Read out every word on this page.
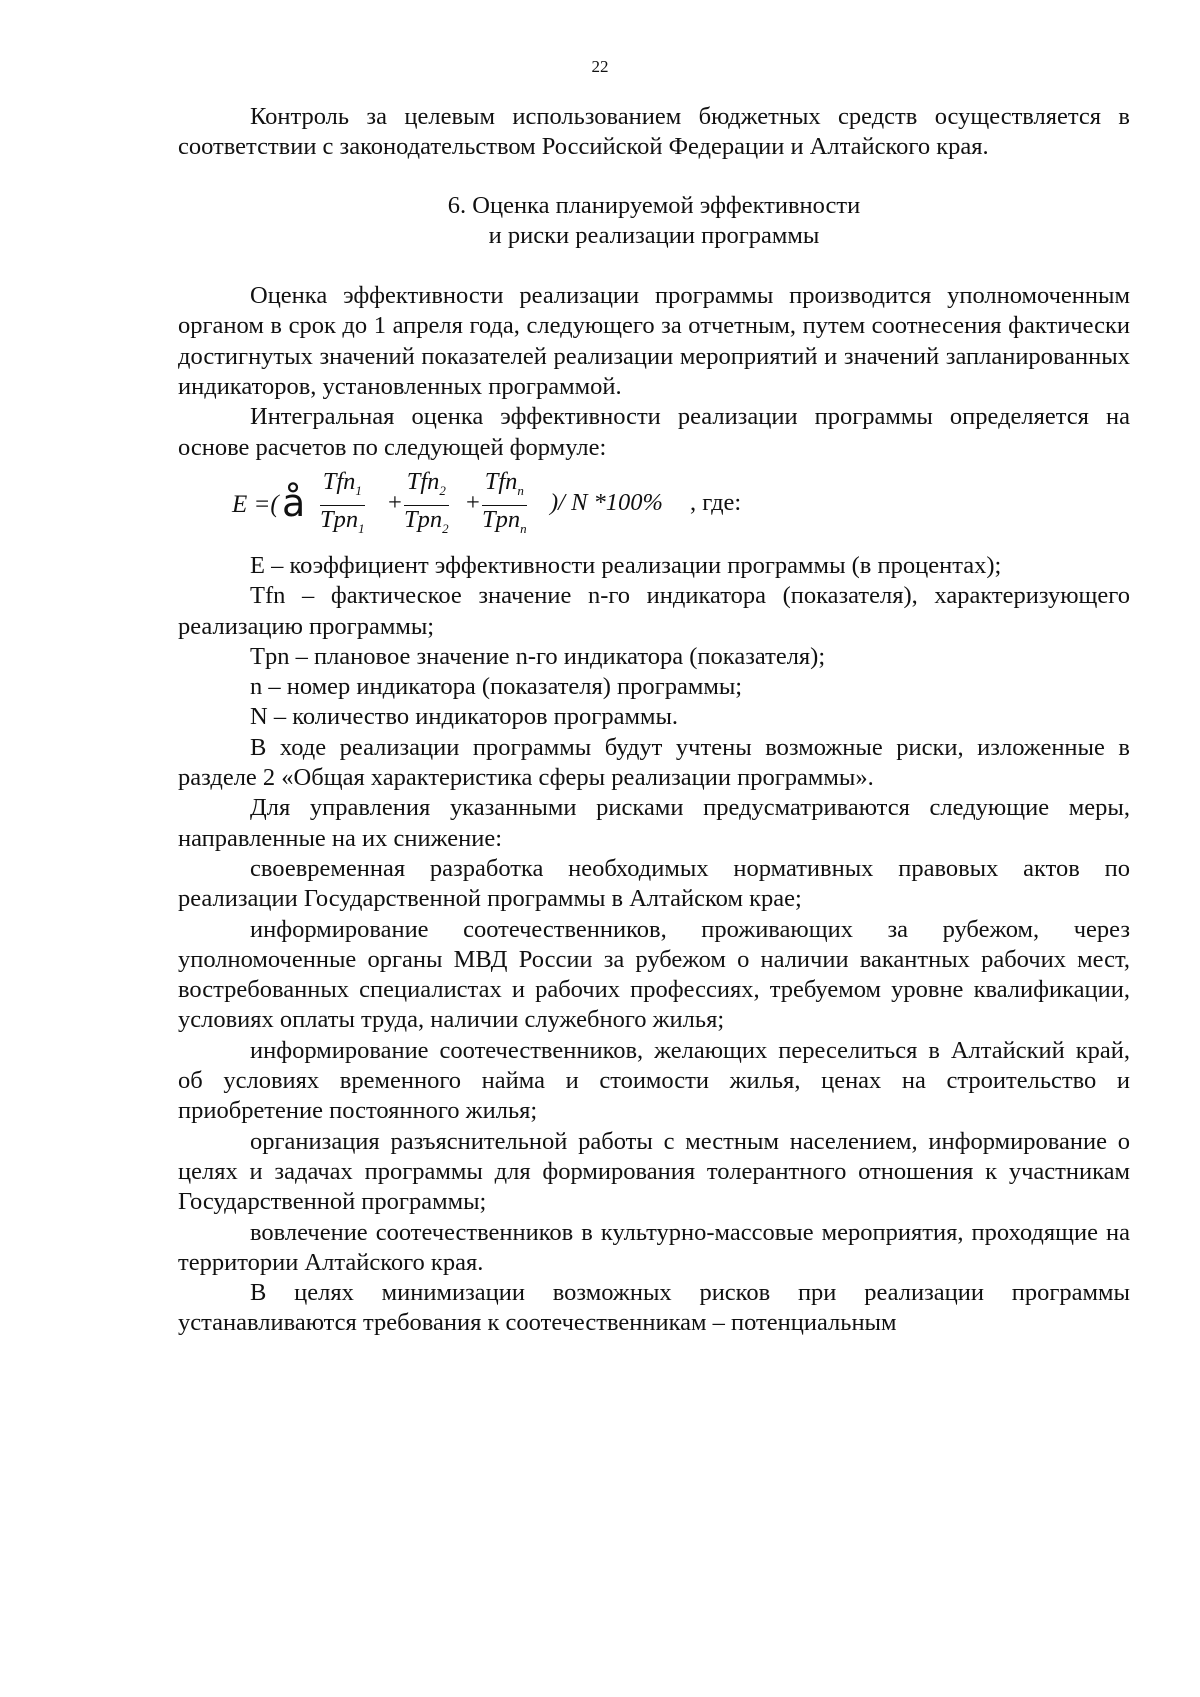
22

Контроль за целевым использованием бюджетных средств осуществляется в соответствии с законодательством Российской Федерации и Алтайского края.

6. Оценка планируемой эффективности

и риски реализации программы

Оценка эффективности реализации программы производится уполномоченным органом в срок до 1 апреля года, следующего за отчетным, путем соотнесения фактически достигнутых значений показателей реализации мероприятий и значений запланированных индикаторов, установленных программой.

Интегральная оценка эффективности реализации программы определяется на основе расчетов по следующей формуле:

E =( å Tfn$_1$
Tpn$_1$
+
Tfn$_2$
Tpn$_2$
+
Tfn$_n$
Tpn$_n$
)/ N *100% , где:

Е – коэффициент эффективности реализации программы (в процентах);

Tfn – фактическое значение n-го индикатора (показателя), характеризующего реализацию программы;

Tpn – плановое значение n-го индикатора (показателя);

n – номер индикатора (показателя) программы;

N – количество индикаторов программы.

В ходе реализации программы будут учтены возможные риски, изложенные в разделе 2 «Общая характеристика сферы реализации программы».

Для управления указанными рисками предусматриваются следующие меры, направленные на их снижение:

своевременная разработка необходимых нормативных правовых актов по реализации Государственной программы в Алтайском крае;

информирование соотечественников, проживающих за рубежом, через уполномоченные органы МВД России за рубежом о наличии вакантных рабочих мест, востребованных специалистах и рабочих профессиях, требуемом уровне квалификации, условиях оплаты труда, наличии служебного жилья;

информирование соотечественников, желающих переселиться в Алтайский край, об условиях временного найма и стоимости жилья, ценах на строительство и приобретение постоянного жилья;

организация разъяснительной работы с местным населением, информирование о целях и задачах программы для формирования толерантного отношения к участникам Государственной программы;

вовлечение соотечественников в культурно-массовые мероприятия, проходящие на территории Алтайского края.

В целях минимизации возможных рисков при реализации программы устанавливаются требования к соотечественникам – потенциальным
